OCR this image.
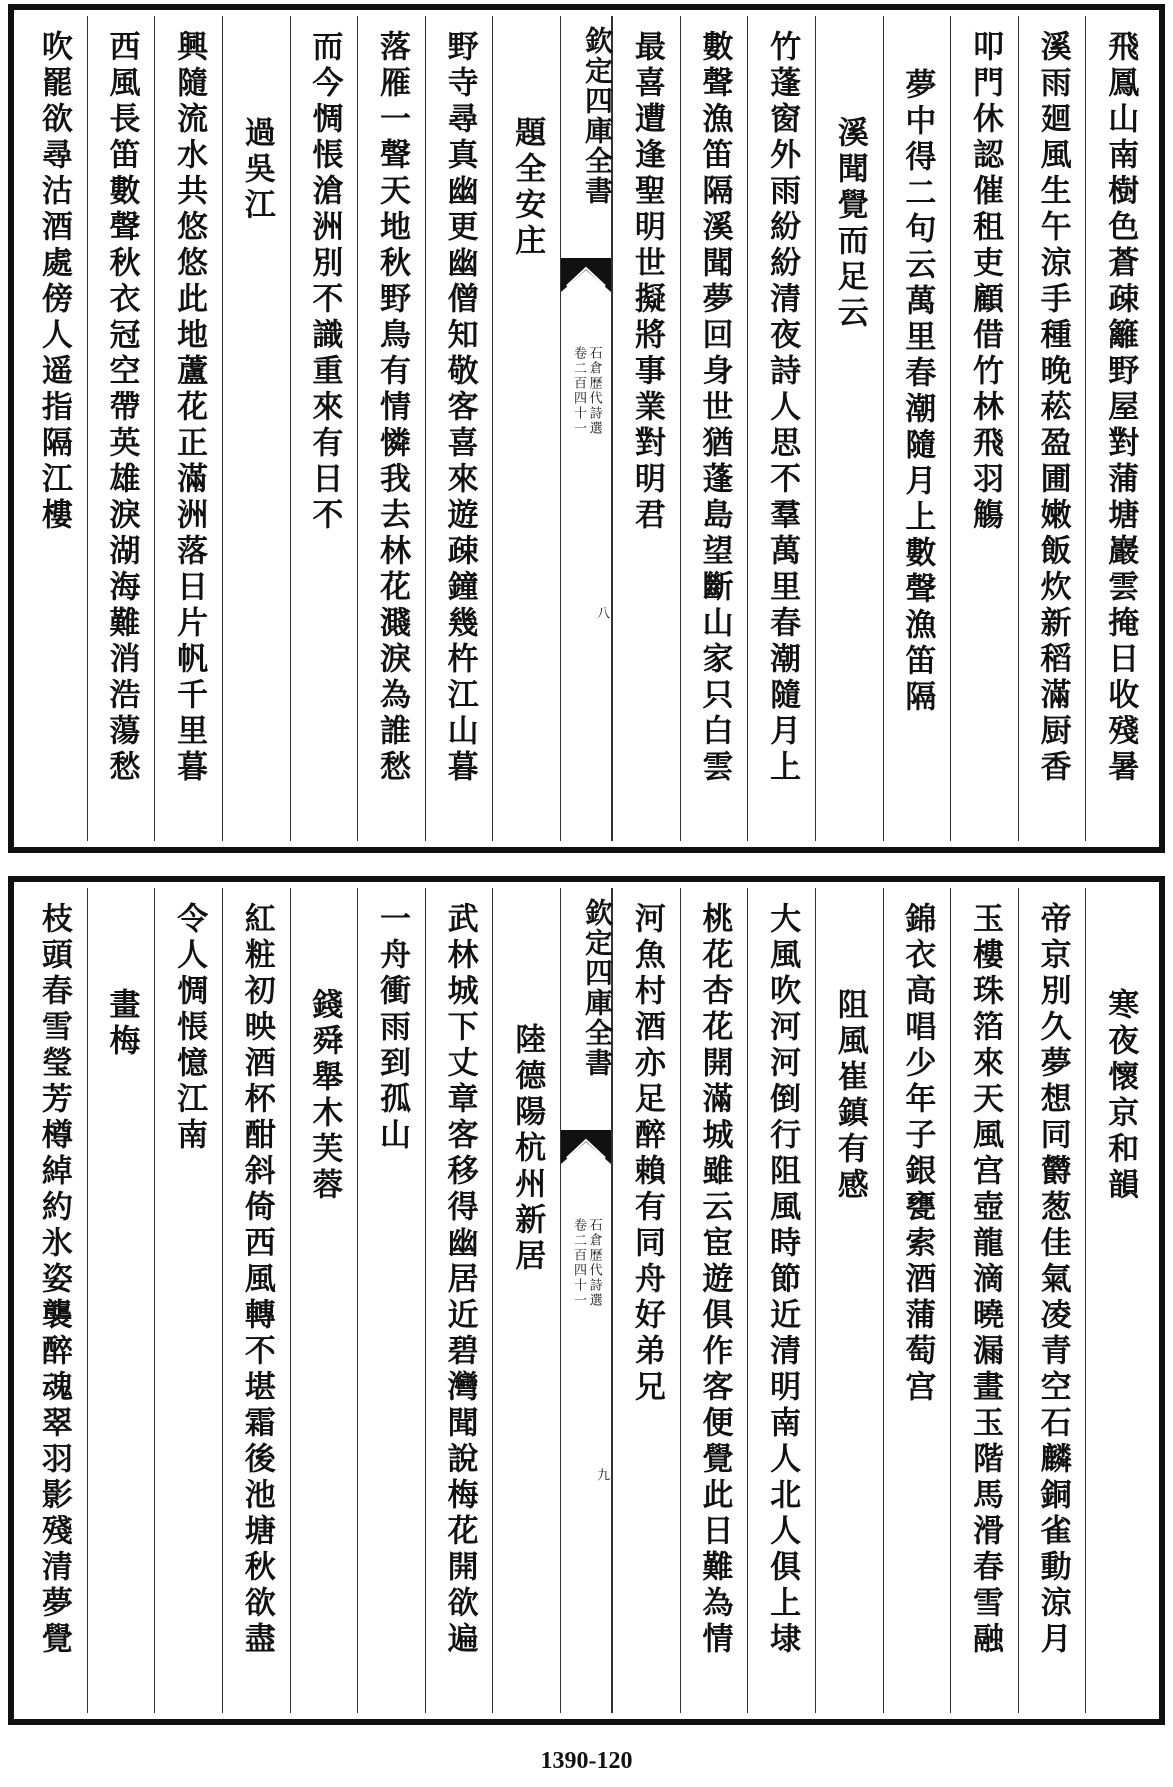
飛鳳山南樹色蒼疎籬野屋對蒲塘巖雲掩日收殘暑
溪雨廻風生午涼手種晚菘盈圃嫩飯炊新稻滿厨香
叩門休認催租吏顧借竹林飛羽觴
夢中得二句云萬里春潮隨月上數聲漁笛隔
溪聞覺而足云
竹蓬窗外雨紛紛清夜詩人思不羣萬里春潮隨月上
數聲漁笛隔溪聞夢回身世猶蓬島望斷山家只白雲
最喜遭逢聖明世擬將事業對明君
欽定四庫全書
石倉歷代詩選
卷二百四十一
八
題全安庄
野寺尋真幽更幽僧知敬客喜來遊疎鐘幾杵江山暮
落雁一聲天地秋野鳥有情憐我去林花濺淚為誰愁
而今惆悵滄洲別不識重來有日不
過吳江
興隨流水共悠悠此地蘆花正滿洲落日片帆千里暮
西風長笛數聲秋衣冠空帶英雄淚湖海難消浩蕩愁
吹罷欲尋沽酒處傍人遥指隔江樓
寒夜懷京和韻
帝京別久夢想同欝葱佳氣凌青空石麟銅雀動涼月
玉樓珠箔來天風宫壺龍滴曉漏畫玉階馬滑春雪融
錦衣高唱少年子銀甕索酒蒲萄宫
阻風崔鎮有感
大風吹河河倒行阻風時節近清明南人北人俱上埭
桃花杏花開滿城雖云宦遊俱作客便覺此日難為情
河魚村酒亦足醉賴有同舟好弟兄
欽定四庫全書
石倉歷代詩選
卷二百四十一
九
陸德陽杭州新居
武林城下丈章客移得幽居近碧灣聞說梅花開欲遍
一舟衝雨到孤山
錢舜舉木芙蓉
紅粧初映酒杯酣斜倚西風轉不堪霜後池塘秋欲盡
令人惆悵憶江南
畫梅
枝頭春雪瑩芳樽綽約氷姿襲醉魂翠羽影殘清夢覺
1390-120
